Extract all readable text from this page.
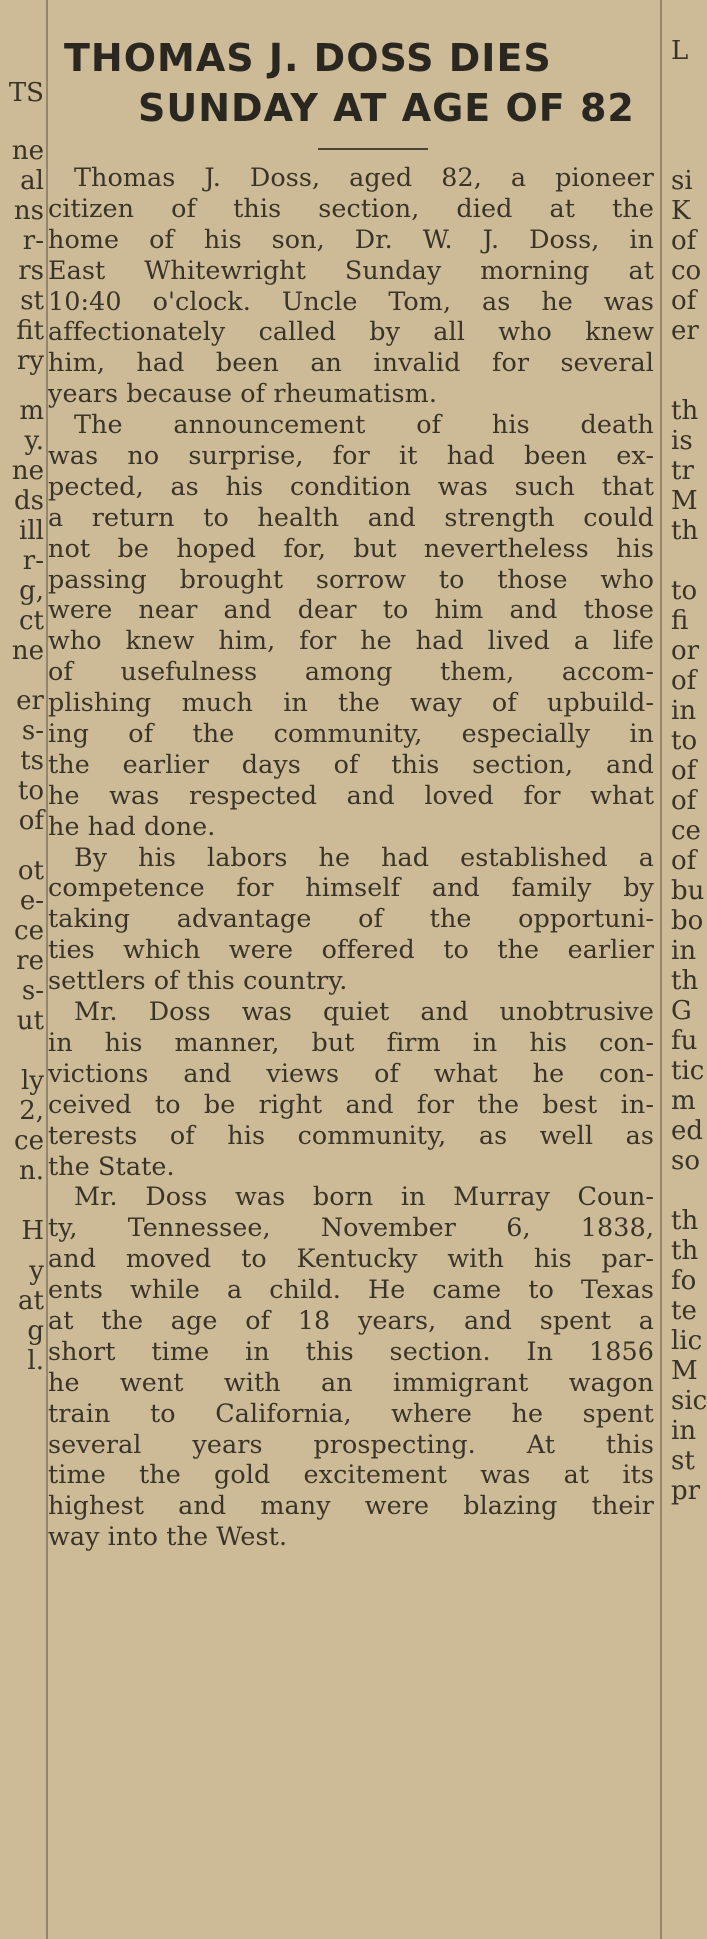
TS
ne
al
ns
r-
rs
st
fit
ry
m
y.
ne
ds
ill
r-
g,
ct
ne
er
s-
ts
to
of
ot
e-
ce
re
s-
ut
ly
2,
ce
n.
H
y
at
g
l.
THOMAS J. DOSS DIES
SUNDAY AT AGE OF 82
Thomas J. Doss, aged 82, a pioneer
citizen of this section, died at the
home of his son, Dr. W. J. Doss, in
East Whitewright Sunday morning at
10:40 o'clock. Uncle Tom, as he was
affectionately called by all who knew
him, had been an invalid for several
years because of rheumatism.
The announcement of his death
was no surprise, for it had been ex-
pected, as his condition was such that
a return to health and strength could
not be hoped for, but nevertheless his
passing brought sorrow to those who
were near and dear to him and those
who knew him, for he had lived a life
of usefulness among them, accom-
plishing much in the way of upbuild-
ing of the community, especially in
the earlier days of this section, and
he was respected and loved for what
he had done.
By his labors he had established a
competence for himself and family by
taking advantage of the opportuni-
ties which were offered to the earlier
settlers of this country.
Mr. Doss was quiet and unobtrusive
in his manner, but firm in his con-
victions and views of what he con-
ceived to be right and for the best in-
terests of his community, as well as
the State.
Mr. Doss was born in Murray Coun-
ty, Tennessee, November 6, 1838,
and moved to Kentucky with his par-
ents while a child. He came to Texas
at the age of 18 years, and spent a
short time in this section. In 1856
he went with an immigrant wagon
train to California, where he spent
several years prospecting. At this
time the gold excitement was at its
highest and many were blazing their
way into the West.
L
si
K
of
co
of
er
th
is
tr
M
th
to
fi
or
of
in
to
of
of
ce
of
bu
bo
in
th
G
fu
tic
m
ed
so
th
th
fo
te
lic
M
sic
in
st
pr
